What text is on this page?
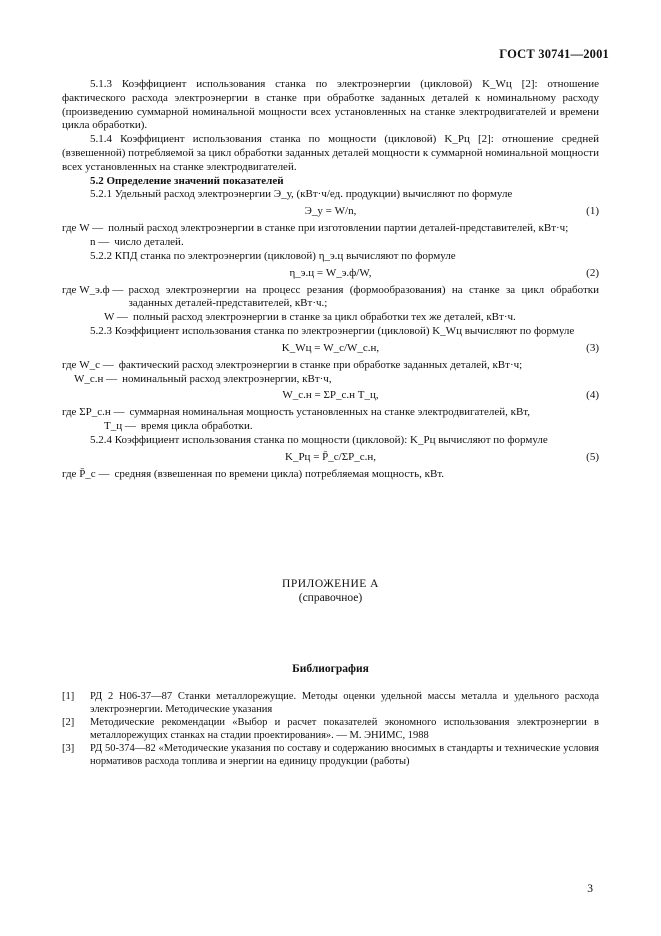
ГОСТ 30741—2001

5.1.3 Коэффициент использования станка по электроэнергии (цикловой) K_Wц [2]: отношение фактического расхода электроэнергии в станке при обработке заданных деталей к номинальному расходу (произведению суммарной номинальной мощности всех установленных на станке электродвигателей и времени цикла обработки).

5.1.4 Коэффициент использования станка по мощности (цикловой) K_Pц [2]: отношение средней (взвешенной) потребляемой за цикл обработки заданных деталей мощности к суммарной номинальной мощности всех установленных на станке электродвигателей.

5.2 Определение значений показателей

5.2.1 Удельный расход электроэнергии Э_у, (кВт·ч/ед. продукции) вычисляют по формуле

Э_у = W/n,	(1)
где W — полный расход электроэнергии в станке при изготовлении партии деталей-представителей, кВт·ч;
n — число деталей.

5.2.2 КПД станка по электроэнергии (цикловой) η_э.ц вычисляют по формуле

η_э.ц = W_э.ф/W,	(2)
где W_э.ф — расход электроэнергии на процесс резания (формообразования) на станке за цикл обработки заданных деталей-представителей, кВт·ч.;
W — полный расход электроэнергии в станке за цикл обработки тех же деталей, кВт·ч.

5.2.3 Коэффициент использования станка по электроэнергии (цикловой) K_Wц вычисляют по формуле

K_Wц = W_с/W_с.н,	(3)
где W_с — фактический расход электроэнергии в станке при обработке заданных деталей, кВт·ч;
W_с.н — номинальный расход электроэнергии, кВт·ч,
W_с.н = ΣP_с.н T_ц,	(4)
где ΣP_с.н — суммарная номинальная мощность установленных на станке электродвигателей, кВт,
T_ц — время цикла обработки.

5.2.4 Коэффициент использования станка по мощности (цикловой): K_Pц вычисляют по формуле

K_Pц = P̄_с/ΣP_с.н,	(5)
где P̄_с — средняя (взвешенная по времени цикла) потребляемая мощность, кВт.
ПРИЛОЖЕНИЕ А
(справочное)
Библиография
[1]	РД 2 Н06-37—87 Станки металлорежущие. Методы оценки удельной массы металла и удельного расхода электроэнергии. Методические указания
[2]	Методические рекомендации «Выбор и расчет показателей экономного использования электроэнергии в металлорежущих станках на стадии проектирования». — М. ЭНИМС, 1988
[3]	РД 50-374—82 «Методические указания по составу и содержанию вносимых в стандарты и технические условия нормативов расхода топлива и энергии на единицу продукции (работы)
3
